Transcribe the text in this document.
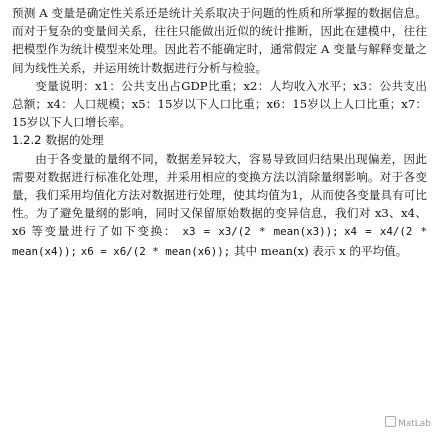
预测 A 变量是确定性关系还是统计关系取决于问题的性质和所掌握的数据信息。而对于复杂的变量间关系，往往只能做出近似的统计推断，因此在建模中，往往把模型作为统计模型来处理。因此若不能确定时，通常假定 A 变量与解释变量之间为线性关系，并运用统计数据进行分析与检验。

变量说明：x1：公共支出占GDP比重；x2：人均收入水平；x3：公共支出总额；x4：人口规模；x5：15岁以下人口比重；x6：15岁以上人口比重；x7：15岁以下人口增长率。

1.2.2 数据的处理

由于各变量的量纲不同，数据差异较大，容易导致回归结果出现偏差，因此需要对数据进行标准化处理，并采用相应的变换方法以消除量纲影响。对于各变量，我们采用均值化方法对数据进行处理，使其均值为1，从而使各变量具有可比性。为了避免量纲的影响，同时又保留原始数据的变异信息，我们对 x3、x4、x6 等变量进行了如下变换： x3 = x3/(2 * mean(x3)); x4 = x4/(2 * mean(x4)); x6 = x6/(2 * mean(x6)); 其中 mean(x) 表示 x 的平均值。

MatLab
